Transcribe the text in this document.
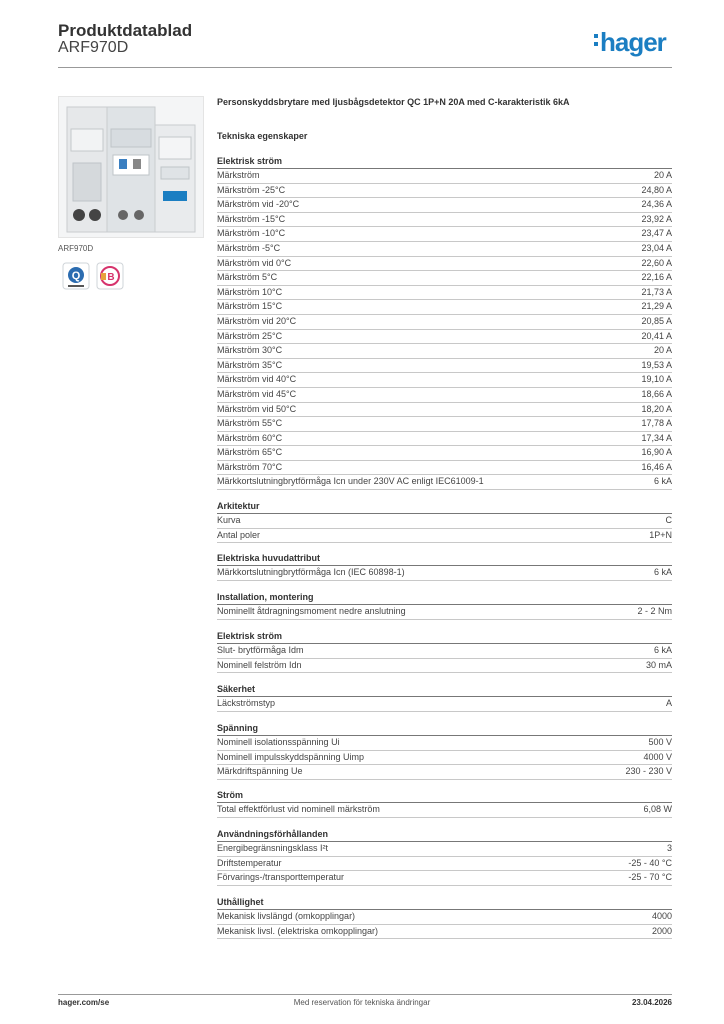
Produktdatablad
ARF970D	hager
ARF970D
Q	B
Personskyddsbrytare med ljusbågsdetektor QC 1P+N 20A med C-karakteristik 6kA
Tekniska egenskaper
Elektrisk ström
Märkström	20 A
Märkström -25°C	24,80 A
Märkström vid -20°C	24,36 A
Märkström -15°C	23,92 A
Märkström -10°C	23,47 A
Märkström -5°C	23,04 A
Märkström vid 0°C	22,60 A
Märkström 5°C	22,16 A
Märkström 10°C	21,73 A
Märkström 15°C	21,29 A
Märkström vid 20°C	20,85 A
Märkström 25°C	20,41 A
Märkström 30°C	20 A
Märkström 35°C	19,53 A
Märkström vid 40°C	19,10 A
Märkström vid 45°C	18,66 A
Märkström vid 50°C	18,20 A
Märkström 55°C	17,78 A
Märkström 60°C	17,34 A
Märkström 65°C	16,90 A
Märkström 70°C	16,46 A
Märkkortslutningbrytförmåga Icn under 230V AC enligt IEC61009-1	6 kA
Arkitektur
Kurva	C
Antal poler	1P+N
Elektriska huvudattribut
Märkkortslutningbrytförmåga Icn (IEC 60898-1)	6 kA
Installation, montering
Nominellt åtdragningsmoment nedre anslutning	2 - 2 Nm
Elektrisk ström
Slut- brytförmåga Idm	6 kA
Nominell felström Idn	30 mA
Säkerhet
Läckströmstyp	A
Spänning
Nominell isolationsspänning Ui	500 V
Nominell impulsskyddspänning Uimp	4000 V
Märkdriftspänning Ue	230 - 230 V
Ström
Total effektförlust vid nominell märkström	6,08 W
Användningsförhållanden
Energibegränsningsklass I²t	3
Driftstemperatur	-25 - 40 °C
Förvarings-/transporttemperatur	-25 - 70 °C
Uthållighet
Mekanisk livslängd (omkopplingar)	4000
Mekanisk livsl. (elektriska omkopplingar)	2000
hager.com/se	Med reservation för tekniska ändringar	23.04.2026
